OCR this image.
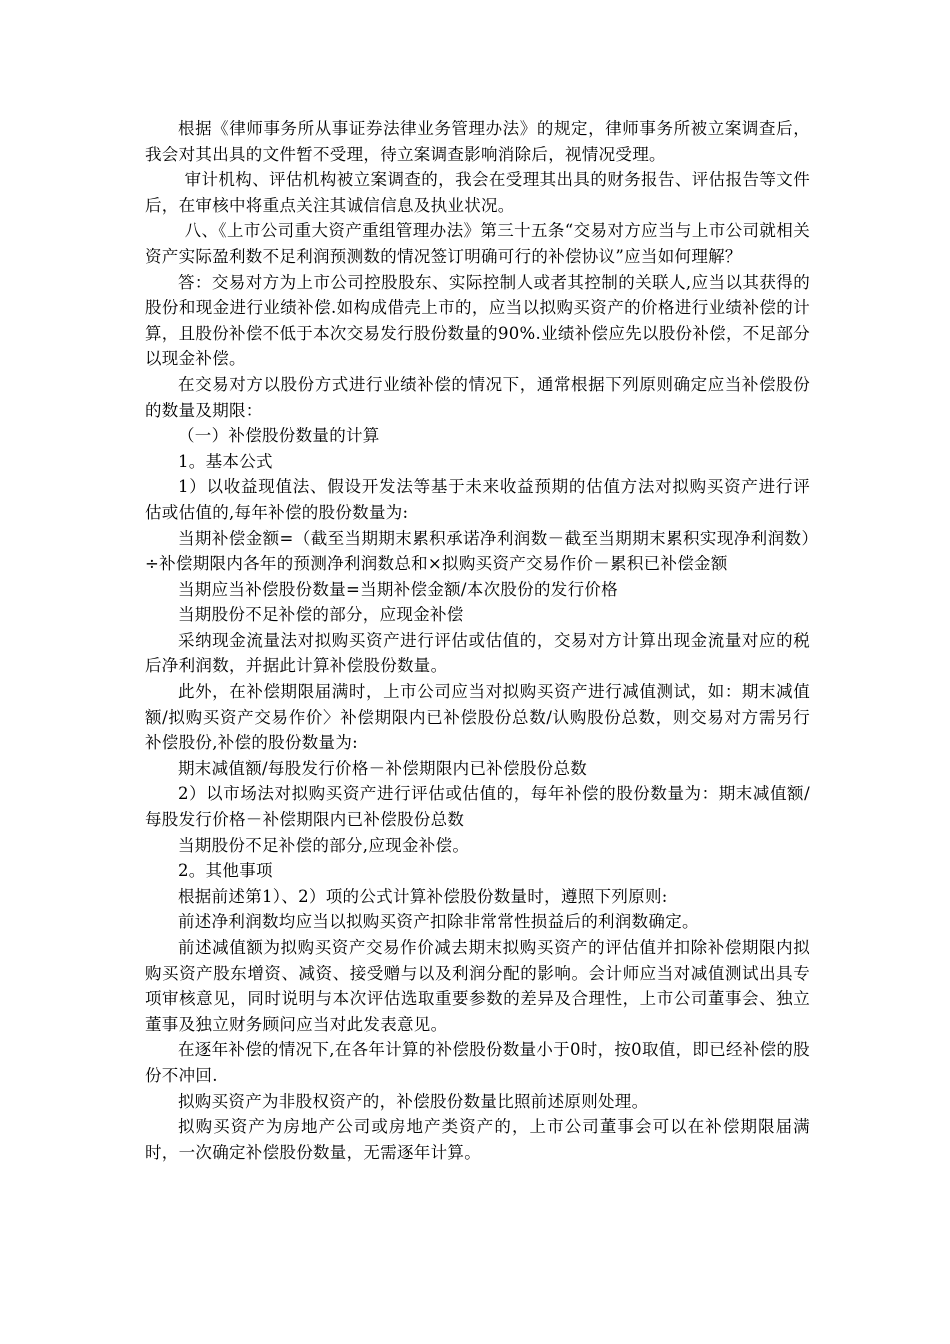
根据《律师事务所从事证券法律业务管理办法》的规定，律师事务所被立案调查后，我会对其出具的文件暂不受理，待立案调查影响消除后，视情况受理。

审计机构、评估机构被立案调查的，我会在受理其出具的财务报告、评估报告等文件后，在审核中将重点关注其诚信信息及执业状况。

八、《上市公司重大资产重组管理办法》第三十五条“交易对方应当与上市公司就相关资产实际盈利数不足利润预测数的情况签订明确可行的补偿协议”应当如何理解？

答：交易对方为上市公司控股股东、实际控制人或者其控制的关联人,应当以其获得的股份和现金进行业绩补偿.如构成借壳上市的，应当以拟购买资产的价格进行业绩补偿的计算，且股份补偿不低于本次交易发行股份数量的90%.业绩补偿应先以股份补偿，不足部分以现金补偿。

在交易对方以股份方式进行业绩补偿的情况下，通常根据下列原则确定应当补偿股份的数量及期限：

（一）补偿股份数量的计算

1。基本公式

1）以收益现值法、假设开发法等基于未来收益预期的估值方法对拟购买资产进行评估或估值的,每年补偿的股份数量为:

当期补偿金额=（截至当期期末累积承诺净利润数－截至当期期末累积实现净利润数）÷补偿期限内各年的预测净利润数总和×拟购买资产交易作价－累积已补偿金额

当期应当补偿股份数量=当期补偿金额/本次股份的发行价格

当期股份不足补偿的部分，应现金补偿

采纳现金流量法对拟购买资产进行评估或估值的，交易对方计算出现金流量对应的税后净利润数，并据此计算补偿股份数量。

此外，在补偿期限届满时，上市公司应当对拟购买资产进行减值测试，如：期末减值额/拟购买资产交易作价〉补偿期限内已补偿股份总数/认购股份总数，则交易对方需另行补偿股份,补偿的股份数量为:

期末减值额/每股发行价格－补偿期限内已补偿股份总数

2）以市场法对拟购买资产进行评估或估值的，每年补偿的股份数量为：期末减值额/每股发行价格－补偿期限内已补偿股份总数

当期股份不足补偿的部分,应现金补偿。

2。其他事项

根据前述第1）、2）项的公式计算补偿股份数量时，遵照下列原则:

前述净利润数均应当以拟购买资产扣除非常常性损益后的利润数确定。

前述减值额为拟购买资产交易作价减去期末拟购买资产的评估值并扣除补偿期限内拟购买资产股东增资、减资、接受赠与以及利润分配的影响。会计师应当对减值测试出具专项审核意见，同时说明与本次评估选取重要参数的差异及合理性，上市公司董事会、独立董事及独立财务顾问应当对此发表意见。

在逐年补偿的情况下,在各年计算的补偿股份数量小于0时，按0取值，即已经补偿的股份不冲回.

拟购买资产为非股权资产的，补偿股份数量比照前述原则处理。

拟购买资产为房地产公司或房地产类资产的，上市公司董事会可以在补偿期限届满时，一次确定补偿股份数量，无需逐年计算。
